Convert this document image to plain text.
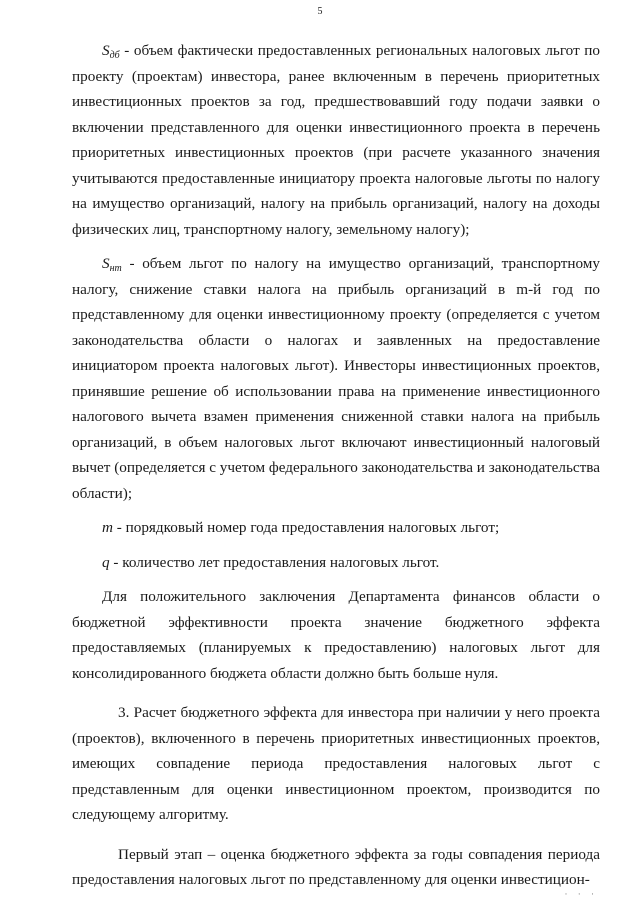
5

$S_{дб}$ - объем фактически предоставленных региональных налоговых льгот по проекту (проектам) инвестора, ранее включенным в перечень приоритетных инвестиционных проектов за год, предшествовавший году подачи заявки о включении представленного для оценки инвестиционного проекта в перечень приоритетных инвестиционных проектов (при расчете указанного значения учитываются предоставленные инициатору проекта налоговые льготы по налогу на имущество организаций, налогу на прибыль организаций, налогу на доходы физических лиц, транспортному налогу, земельному налогу);

$S_{нm}$ - объем льгот по налогу на имущество организаций, транспортному налогу, снижение ставки налога на прибыль организаций в m-й год по представленному для оценки инвестиционному проекту (определяется с учетом законодательства области о налогах и заявленных на предоставление инициатором проекта налоговых льгот). Инвесторы инвестиционных проектов, принявшие решение об использовании права на применение инвестиционного налогового вычета взамен применения сниженной ставки налога на прибыль организаций, в объем налоговых льгот включают инвестиционный налоговый вычет (определяется с учетом федерального законодательства и законодательства области);

m - порядковый номер года предоставления налоговых льгот;

q - количество лет предоставления налоговых льгот.

Для положительного заключения Департамента финансов области о бюджетной эффективности проекта значение бюджетного эффекта предоставляемых (планируемых к предоставлению) налоговых льгот для консолидированного бюджета области должно быть больше нуля.

3. Расчет бюджетного эффекта для инвестора при наличии у него проекта (проектов), включенного в перечень приоритетных инвестиционных проектов, имеющих совпадение периода предоставления налоговых льгот с представленным для оценки инвестиционном проектом, производится по следующему алгоритму.

Первый этап – оценка бюджетного эффекта за годы совпадения периода предоставления налоговых льгот по представленному для оценки инвестицион-

· · ·
